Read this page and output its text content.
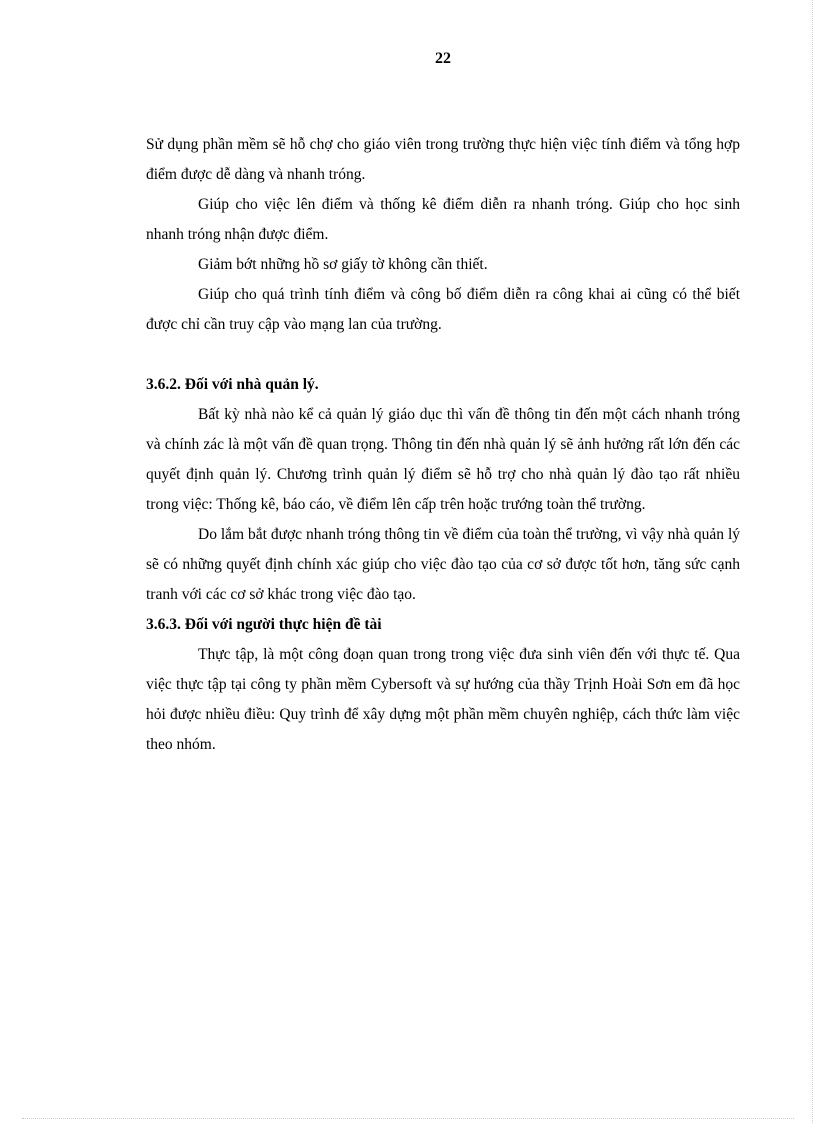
22

Sử dụng phần mềm sẽ hỗ chợ cho giáo viên trong trường thực hiện việc tính điểm và tổng hợp điểm được dễ dàng và nhanh tróng.

Giúp cho việc lên điểm và thống kê điểm diễn ra nhanh tróng. Giúp cho học sinh nhanh tróng nhận được điểm.

Giảm bớt những hồ sơ giấy tờ không cần thiết.

Giúp cho quá trình tính điểm và công bố điểm diễn ra công khai ai cũng có thể biết được chỉ cần truy cập vào mạng lan của trường.

3.6.2. Đối với nhà quản lý.

Bất kỳ nhà nào kể cả quản lý giáo dục thì vấn đề thông tin đến một cách nhanh tróng và chính zác là một vấn đề quan trọng. Thông tin đến nhà quản lý sẽ ảnh hưởng rất lớn đến các quyết định quản lý. Chương trình quản lý điểm sẽ hỗ trợ cho nhà quản lý đào tạo rất nhiều trong việc: Thống kê, báo cáo, về điểm lên cấp trên hoặc trướng toàn thể trường.

Do lắm bắt được nhanh tróng thông tin về điểm của toàn thể trường, vì vậy nhà quản lý sẽ có những quyết định chính xác giúp cho việc đào tạo của cơ sở được tốt hơn, tăng sức cạnh tranh với các cơ sở khác trong việc đào tạo.

3.6.3. Đối với người thực hiện đề tài

Thực tập, là một công đoạn quan trong trong việc đưa sinh viên đến với thực tế. Qua việc thực tập tại công ty phần mềm Cybersoft và sự hướng của thầy Trịnh Hoài Sơn em đã học hỏi được nhiều điều: Quy trình để xây dựng một phần mềm chuyên nghiệp, cách thức làm việc theo nhóm.
